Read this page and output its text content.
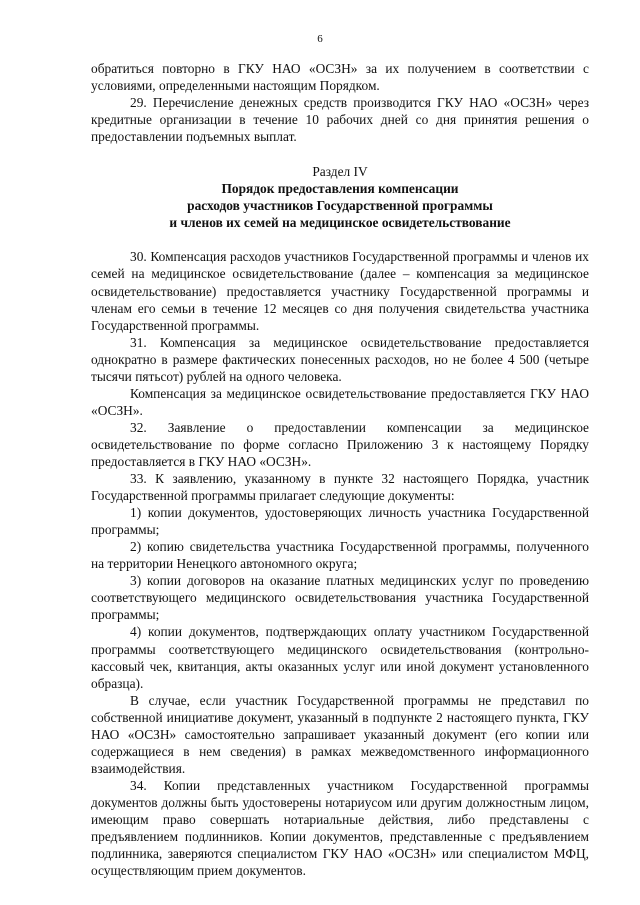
6

обратиться повторно в ГКУ НАО «ОСЗН» за их получением в соответствии с условиями, определенными настоящим Порядком.

29. Перечисление денежных средств производится ГКУ НАО «ОСЗН» через кредитные организации в течение 10 рабочих дней со дня принятия решения о предоставлении подъемных выплат.

Раздел IV
Порядок предоставления компенсации
расходов участников Государственной программы
и членов их семей на медицинское освидетельствование

30. Компенсация расходов участников Государственной программы и членов их семей на медицинское освидетельствование (далее – компенсация за медицинское освидетельствование) предоставляется участнику Государственной программы и членам его семьи в течение 12 месяцев со дня получения свидетельства участника Государственной программы.

31. Компенсация за медицинское освидетельствование предоставляется однократно в размере фактических понесенных расходов, но не более 4 500 (четыре тысячи пятьсот) рублей на одного человека.

Компенсация за медицинское освидетельствование предоставляется ГКУ НАО «ОСЗН».

32. Заявление о предоставлении компенсации за медицинское освидетельствование по форме согласно Приложению 3 к настоящему Порядку предоставляется в ГКУ НАО «ОСЗН».

33. К заявлению, указанному в пункте 32 настоящего Порядка, участник Государственной программы прилагает следующие документы:

1) копии документов, удостоверяющих личность участника Государственной программы;

2) копию свидетельства участника Государственной программы, полученного на территории Ненецкого автономного округа;

3) копии договоров на оказание платных медицинских услуг по проведению соответствующего медицинского освидетельствования участника Государственной программы;

4) копии документов, подтверждающих оплату участником Государственной программы соответствующего медицинского освидетельствования (контрольно-кассовый чек, квитанция, акты оказанных услуг или иной документ установленного образца).

В случае, если участник Государственной программы не представил по собственной инициативе документ, указанный в подпункте 2 настоящего пункта, ГКУ НАО «ОСЗН» самостоятельно запрашивает указанный документ (его копии или содержащиеся в нем сведения) в рамках межведомственного информационного взаимодействия.

34. Копии представленных участником Государственной программы документов должны быть удостоверены нотариусом или другим должностным лицом, имеющим право совершать нотариальные действия, либо представлены с предъявлением подлинников. Копии документов, представленные с предъявлением подлинника, заверяются специалистом ГКУ НАО «ОСЗН» или специалистом МФЦ, осуществляющим прием документов.
